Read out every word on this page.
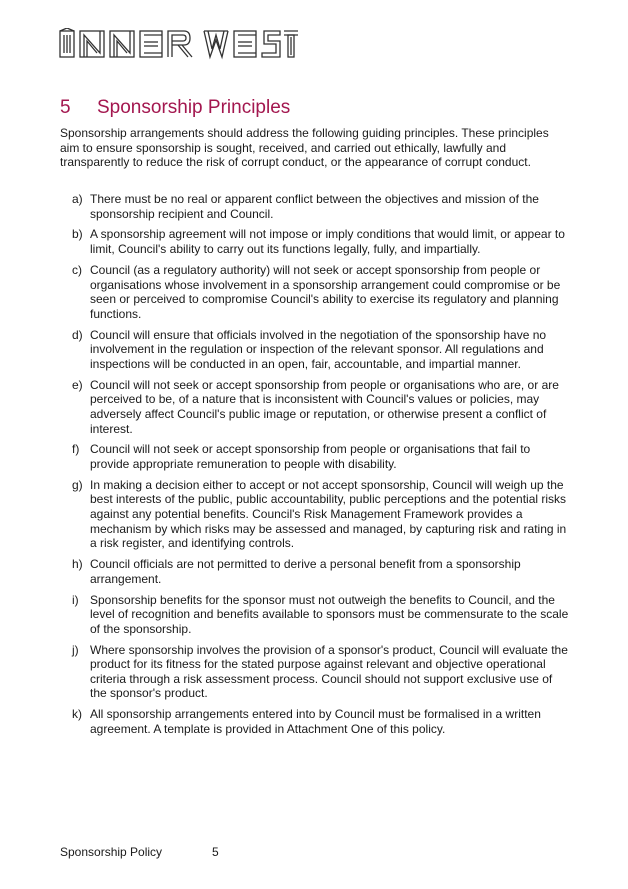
5 Sponsorship Principles

Sponsorship arrangements should address the following guiding principles. These principles aim to ensure sponsorship is sought, received, and carried out ethically, lawfully and transparently to reduce the risk of corrupt conduct, or the appearance of corrupt conduct.

a) There must be no real or apparent conflict between the objectives and mission of the sponsorship recipient and Council.
b) A sponsorship agreement will not impose or imply conditions that would limit, or appear to limit, Council's ability to carry out its functions legally, fully, and impartially.
c) Council (as a regulatory authority) will not seek or accept sponsorship from people or organisations whose involvement in a sponsorship arrangement could compromise or be seen or perceived to compromise Council's ability to exercise its regulatory and planning functions.
d) Council will ensure that officials involved in the negotiation of the sponsorship have no involvement in the regulation or inspection of the relevant sponsor. All regulations and inspections will be conducted in an open, fair, accountable, and impartial manner.
e) Council will not seek or accept sponsorship from people or organisations who are, or are perceived to be, of a nature that is inconsistent with Council's values or policies, may adversely affect Council's public image or reputation, or otherwise present a conflict of interest.
f) Council will not seek or accept sponsorship from people or organisations that fail to provide appropriate remuneration to people with disability.
g) In making a decision either to accept or not accept sponsorship, Council will weigh up the best interests of the public, public accountability, public perceptions and the potential risks against any potential benefits. Council's Risk Management Framework provides a mechanism by which risks may be assessed and managed, by capturing risk and rating in a risk register, and identifying controls.
h) Council officials are not permitted to derive a personal benefit from a sponsorship arrangement.
i) Sponsorship benefits for the sponsor must not outweigh the benefits to Council, and the level of recognition and benefits available to sponsors must be commensurate to the scale of the sponsorship.
j) Where sponsorship involves the provision of a sponsor's product, Council will evaluate the product for its fitness for the stated purpose against relevant and objective operational criteria through a risk assessment process. Council should not support exclusive use of the sponsor's product.
k) All sponsorship arrangements entered into by Council must be formalised in a written agreement. A template is provided in Attachment One of this policy.
Sponsorship Policy	5
